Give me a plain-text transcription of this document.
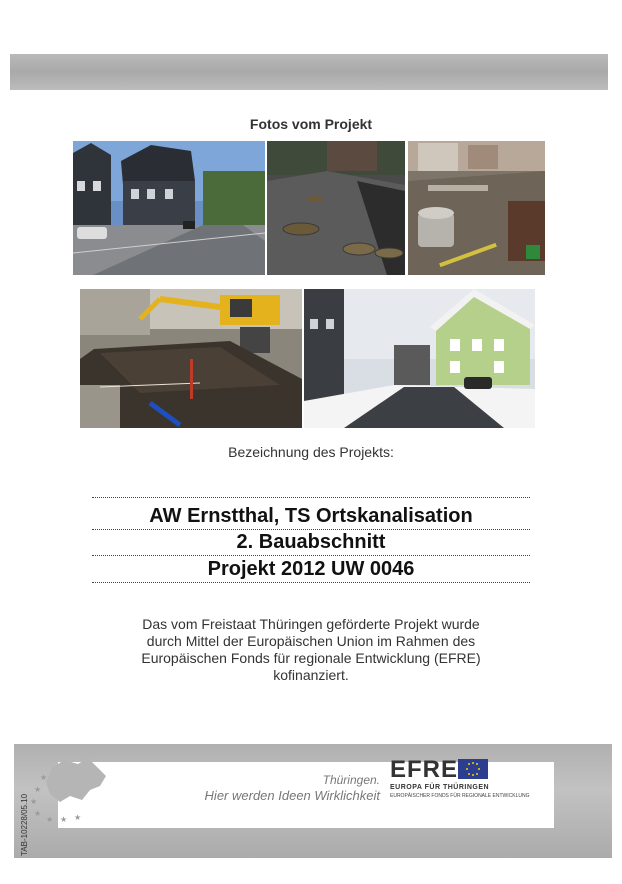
Fotos vom Projekt
Bezeichnung des Projekts:
AW Ernstthal, TS Ortskanalisation
2. Bauabschnitt
Projekt 2012 UW 0046
Das vom Freistaat Thüringen geförderte Projekt wurde
durch Mittel der Europäischen Union im Rahmen des
Europäischen Fonds für regionale Entwicklung (EFRE)
kofinanziert.
TAB-10228/05.10
★
★
★
★ ★ ★
★	Thüringen.
Hier werden Ideen Wirklichkeit
EFRE
EUROPA FÜR THÜRINGEN
EUROPÄISCHER FONDS FÜR REGIONALE ENTWICKLUNG
